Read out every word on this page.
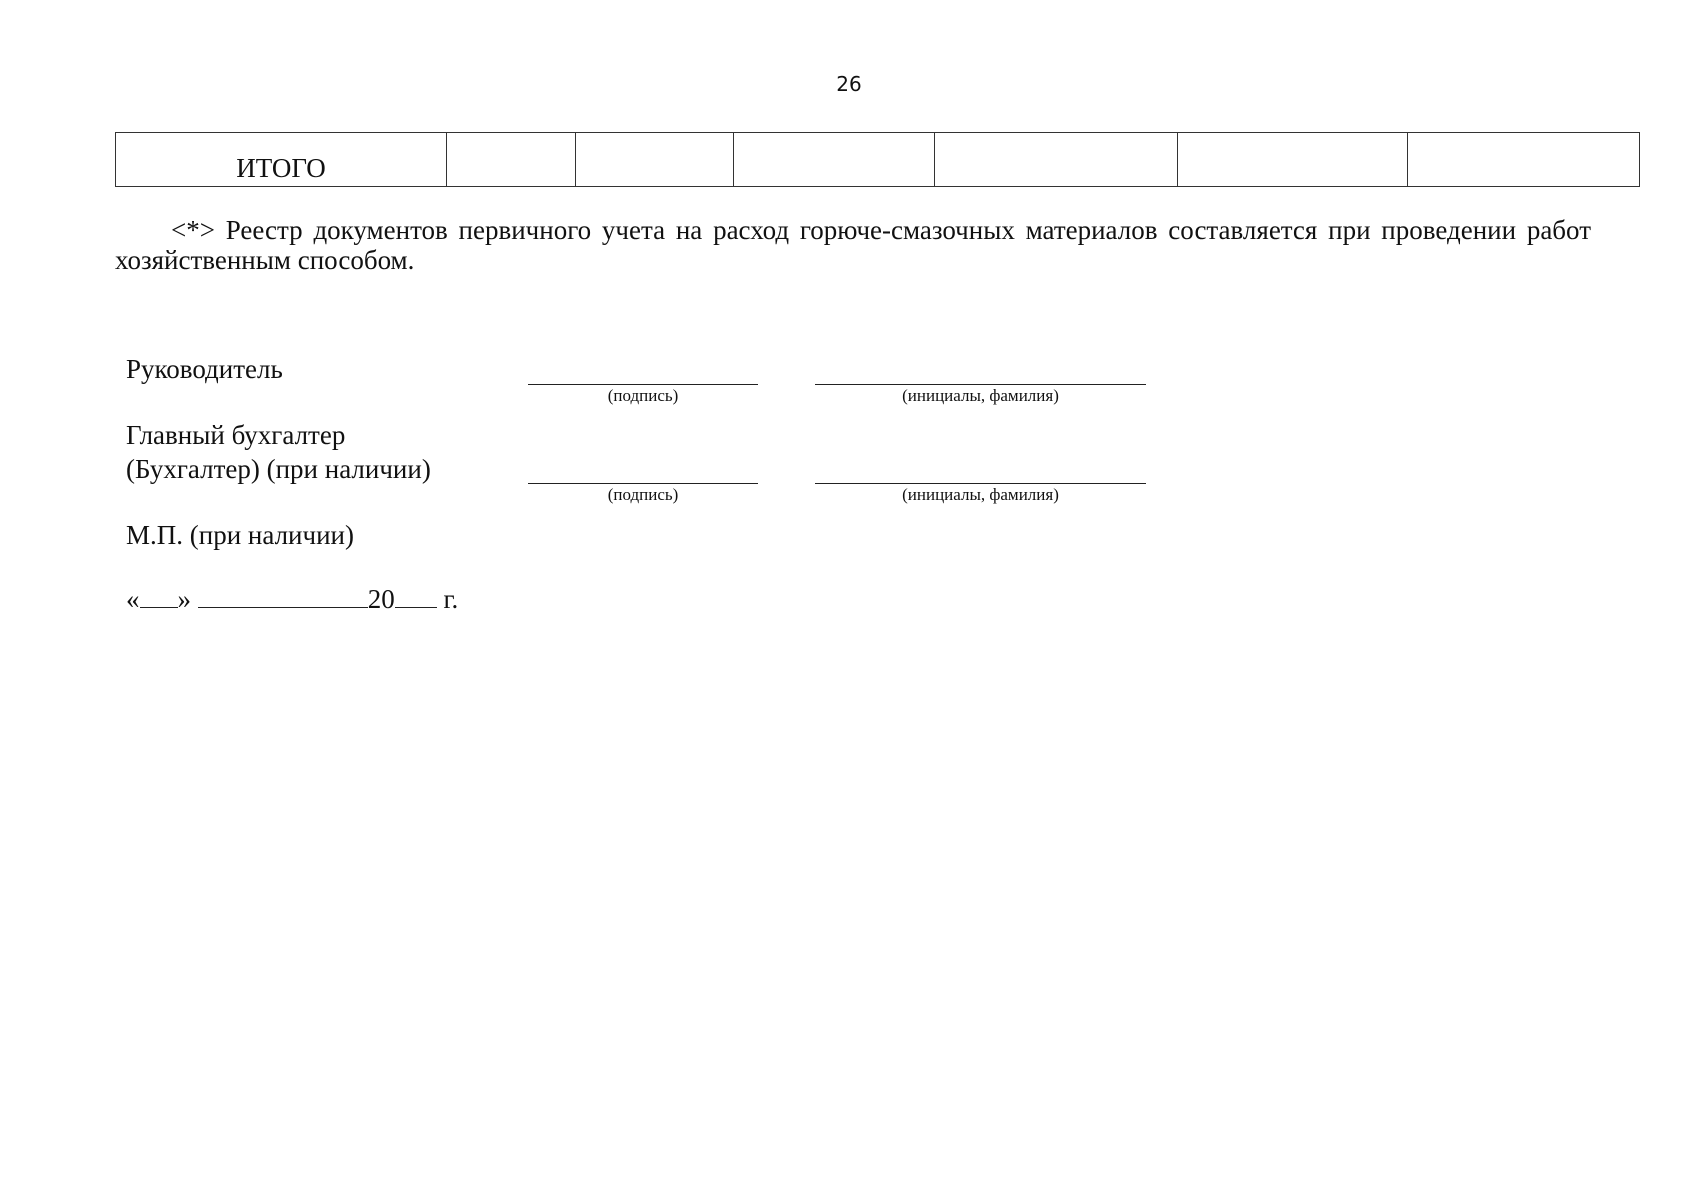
26
ИТОГО						
<*> Реестр документов первичного учета на расход горюче-смазочных материалов составляется при проведении работ хозяйственным способом.
Руководитель
(подпись)	(инициалы, фамилия)
Главный бухгалтер
(Бухгалтер) (при наличии)
(подпись)	(инициалы, фамилия)
М.П. (при наличии)
« »	20 г.
